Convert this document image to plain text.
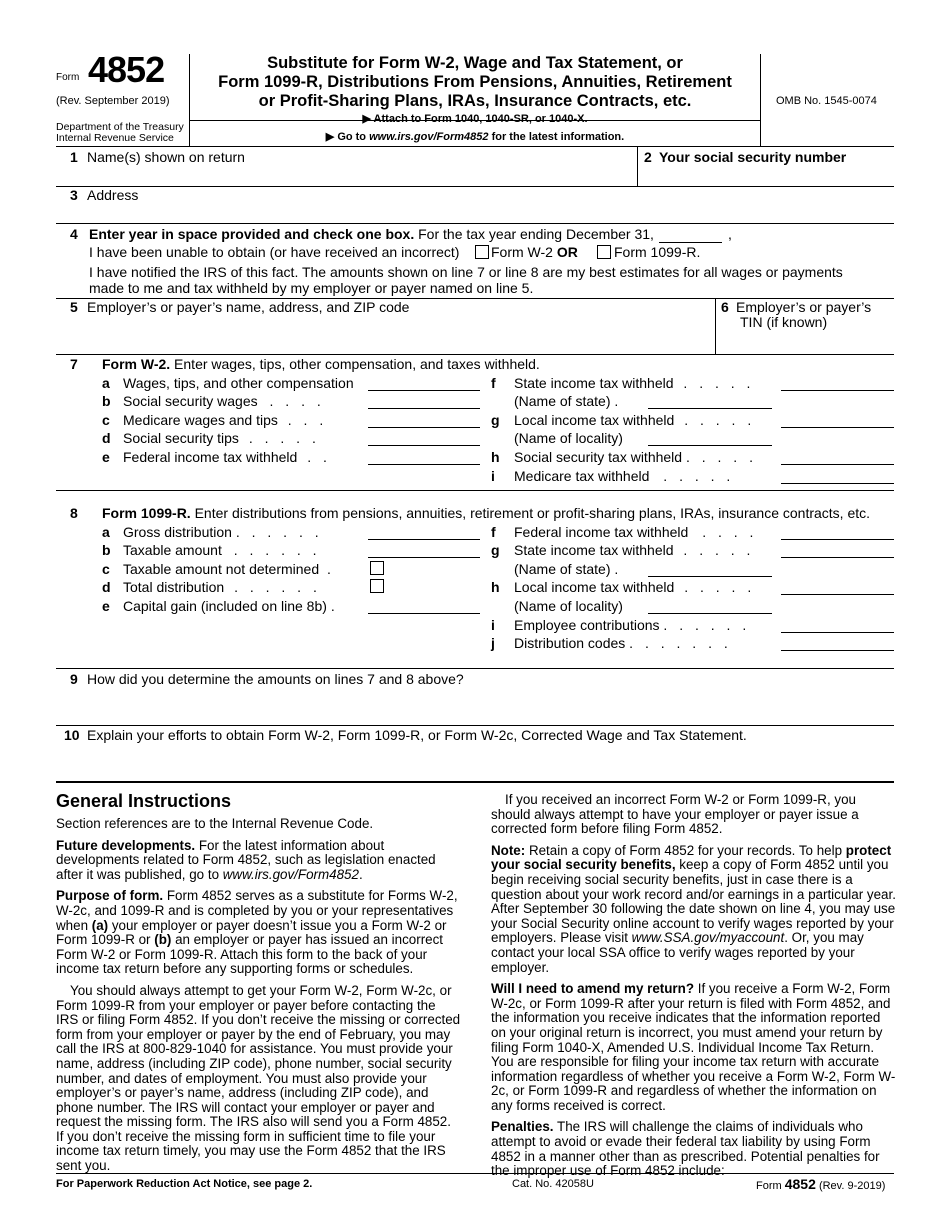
Form 4852
(Rev. September 2019)
Department of the Treasury
Internal Revenue Service
Substitute for Form W-2, Wage and Tax Statement, or
Form 1099-R, Distributions From Pensions, Annuities, Retirement
or Profit-Sharing Plans, IRAs, Insurance Contracts, etc.
▶ Attach to Form 1040, 1040-SR, or 1040-X.
▶ Go to www.irs.gov/Form4852 for the latest information.
OMB No. 1545-0074
1 Name(s) shown on return	2 Your social security number
3 Address
4 Enter year in space provided and check one box. For the tax year ending December 31,	,
I have been unable to obtain (or have received an incorrect) Form W-2 OR	Form 1099-R.
I have notified the IRS of this fact. The amounts shown on line 7 or line 8 are my best estimates for all wages or payments
made to me and tax withheld by my employer or payer named on line 5.
5 Employer’s or payer’s name, address, and ZIP code	6 Employer’s or payer’s
TIN (if known)
7 Form W-2. Enter wages, tips, other compensation, and taxes withheld.
a Wages, tips, and other compensation
b Social security wages . . . .
c Medicare wages and tips . . .
d Social security tips . . . . .
e Federal income tax withheld . .
f State income tax withheld . . . . .
(Name of state) .
g Local income tax withheld . . . . .
(Name of locality)
h Social security tax withheld . . . . .
i Medicare tax withheld . . . . .
8 Form 1099-R. Enter distributions from pensions, annuities, retirement or profit-sharing plans, IRAs, insurance contracts, etc.
a Gross distribution . . . . . .
b Taxable amount . . . . . .
c Taxable amount not determined .
d Total distribution . . . . . .
e Capital gain (included on line 8b) .
f Federal income tax withheld . . . .
g State income tax withheld . . . . .
(Name of state) .
h Local income tax withheld . . . . .
(Name of locality)
i Employee contributions . . . . . .
j Distribution codes . . . . . . .
9 How did you determine the amounts on lines 7 and 8 above?
10 Explain your efforts to obtain Form W-2, Form 1099-R, or Form W-2c, Corrected Wage and Tax Statement.
General Instructions

Section references are to the Internal Revenue Code.

Future developments. For the latest information about developments related to Form 4852, such as legislation enacted after it was published, go to www.irs.gov/Form4852.

Purpose of form. Form 4852 serves as a substitute for Forms W-2, W-2c, and 1099-R and is completed by you or your representatives when (a) your employer or payer doesn’t issue you a Form W-2 or Form 1099-R or (b) an employer or payer has issued an incorrect Form W-2 or Form 1099-R. Attach this form to the back of your income tax return before any supporting forms or schedules.

You should always attempt to get your Form W-2, Form W-2c, or Form 1099-R from your employer or payer before contacting the IRS or filing Form 4852. If you don’t receive the missing or corrected form from your employer or payer by the end of February, you may call the IRS at 800-829-1040 for assistance. You must provide your name, address (including ZIP code), phone number, social security number, and dates of employment. You must also provide your employer’s or payer’s name, address (including ZIP code), and phone number. The IRS will contact your employer or payer and request the missing form. The IRS also will send you a Form 4852. If you don’t receive the missing form in sufficient time to file your income tax return timely, you may use the Form 4852 that the IRS sent you.

If you received an incorrect Form W-2 or Form 1099-R, you should always attempt to have your employer or payer issue a corrected form before filing Form 4852.

Note: Retain a copy of Form 4852 for your records. To help protect your social security benefits, keep a copy of Form 4852 until you begin receiving social security benefits, just in case there is a question about your work record and/or earnings in a particular year. After September 30 following the date shown on line 4, you may use your Social Security online account to verify wages reported by your employers. Please visit www.SSA.gov/myaccount. Or, you may contact your local SSA office to verify wages reported by your employer.

Will I need to amend my return? If you receive a Form W-2, Form W-2c, or Form 1099-R after your return is filed with Form 4852, and the information you receive indicates that the information reported on your original return is incorrect, you must amend your return by filing Form 1040-X, Amended U.S. Individual Income Tax Return. You are responsible for filing your income tax return with accurate information regardless of whether you receive a Form W-2, Form W-2c, or Form 1099-R and regardless of whether the information on any forms received is correct.

Penalties. The IRS will challenge the claims of individuals who attempt to avoid or evade their federal tax liability by using Form 4852 in a manner other than as prescribed. Potential penalties for the improper use of Form 4852 include:

For Paperwork Reduction Act Notice, see page 2.	Cat. No. 42058U	Form 4852 (Rev. 9-2019)
